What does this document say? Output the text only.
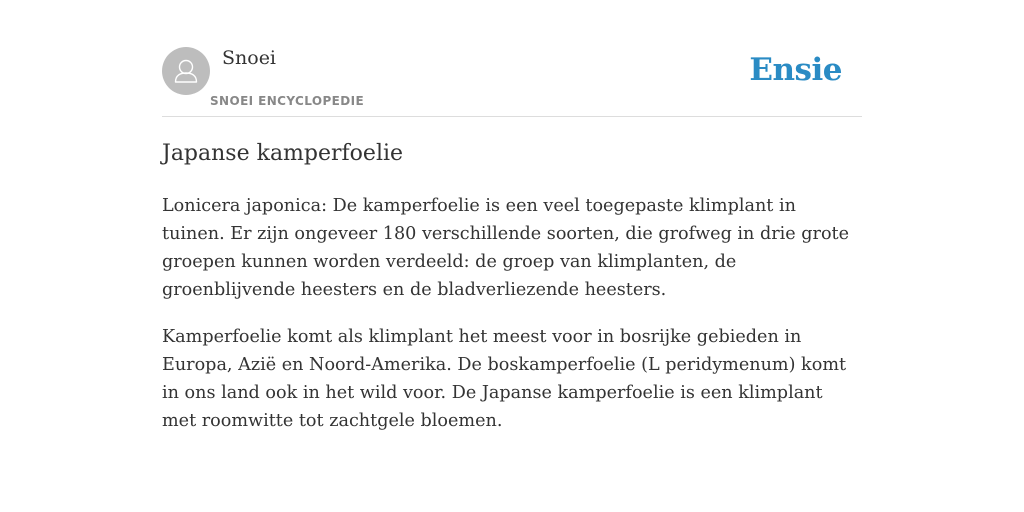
Snoei
SNOEI ENCYCLOPEDIE
Ensie
Japanse kamperfoelie

Lonicera japonica: De kamperfoelie is een veel toegepaste klimplant in tuinen. Er zijn ongeveer 180 verschillende soorten, die grofweg in drie grote groepen kunnen worden verdeeld: de groep van klimplanten, de groenblijvende heesters en de bladverliezende heesters.

Kamperfoelie komt als klimplant het meest voor in bosrijke gebieden in Europa, Azië en Noord-Amerika. De boskamperfoelie (L peridymenum) komt in ons land ook in het wild voor. De Japanse kamperfoelie is een klimplant met roomwitte tot zachtgele bloemen.
